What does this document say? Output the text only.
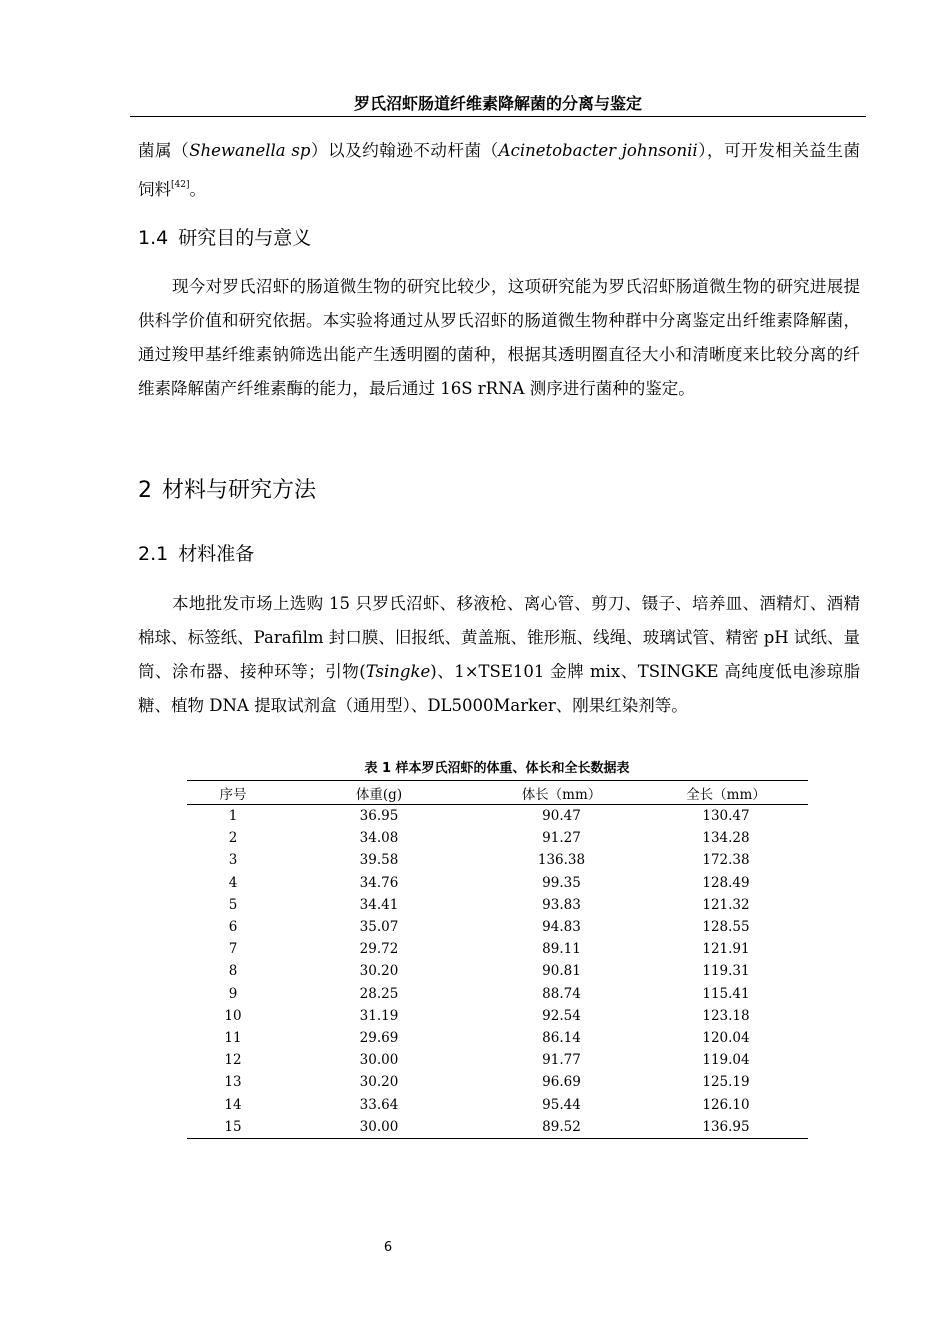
罗氏沼虾肠道纤维素降解菌的分离与鉴定
菌属（Shewanella sp）以及约翰逊不动杆菌（Acinetobacter johnsonii），可开发相关益生菌饲料[42]。
1.4 研究目的与意义
现今对罗氏沼虾的肠道微生物的研究比较少，这项研究能为罗氏沼虾肠道微生物的研究进展提供科学价值和研究依据。本实验将通过从罗氏沼虾的肠道微生物种群中分离鉴定出纤维素降解菌，通过羧甲基纤维素钠筛选出能产生透明圈的菌种，根据其透明圈直径大小和清晰度来比较分离的纤维素降解菌产纤维素酶的能力，最后通过 16S rRNA 测序进行菌种的鉴定。
2 材料与研究方法
2.1 材料准备
本地批发市场上选购 15 只罗氏沼虾、移液枪、离心管、剪刀、镊子、培养皿、酒精灯、酒精棉球、标签纸、Parafilm 封口膜、旧报纸、黄盖瓶、锥形瓶、线绳、玻璃试管、精密 pH 试纸、量筒、涂布器、接种环等；引物(Tsingke)、1×TSE101 金牌 mix、TSINGKE 高纯度低电渗琼脂糖、植物 DNA 提取试剂盒（通用型）、DL5000Marker、刚果红染剂等。
表 1 样本罗氏沼虾的体重、体长和全长数据表
序号	体重(g)	体长（mm）	全长（mm）
1	36.95	90.47	130.47
2	34.08	91.27	134.28
3	39.58	136.38	172.38
4	34.76	99.35	128.49
5	34.41	93.83	121.32
6	35.07	94.83	128.55
7	29.72	89.11	121.91
8	30.20	90.81	119.31
9	28.25	88.74	115.41
10	31.19	92.54	123.18
11	29.69	86.14	120.04
12	30.00	91.77	119.04
13	30.20	96.69	125.19
14	33.64	95.44	126.10
15	30.00	89.52	136.95
6
